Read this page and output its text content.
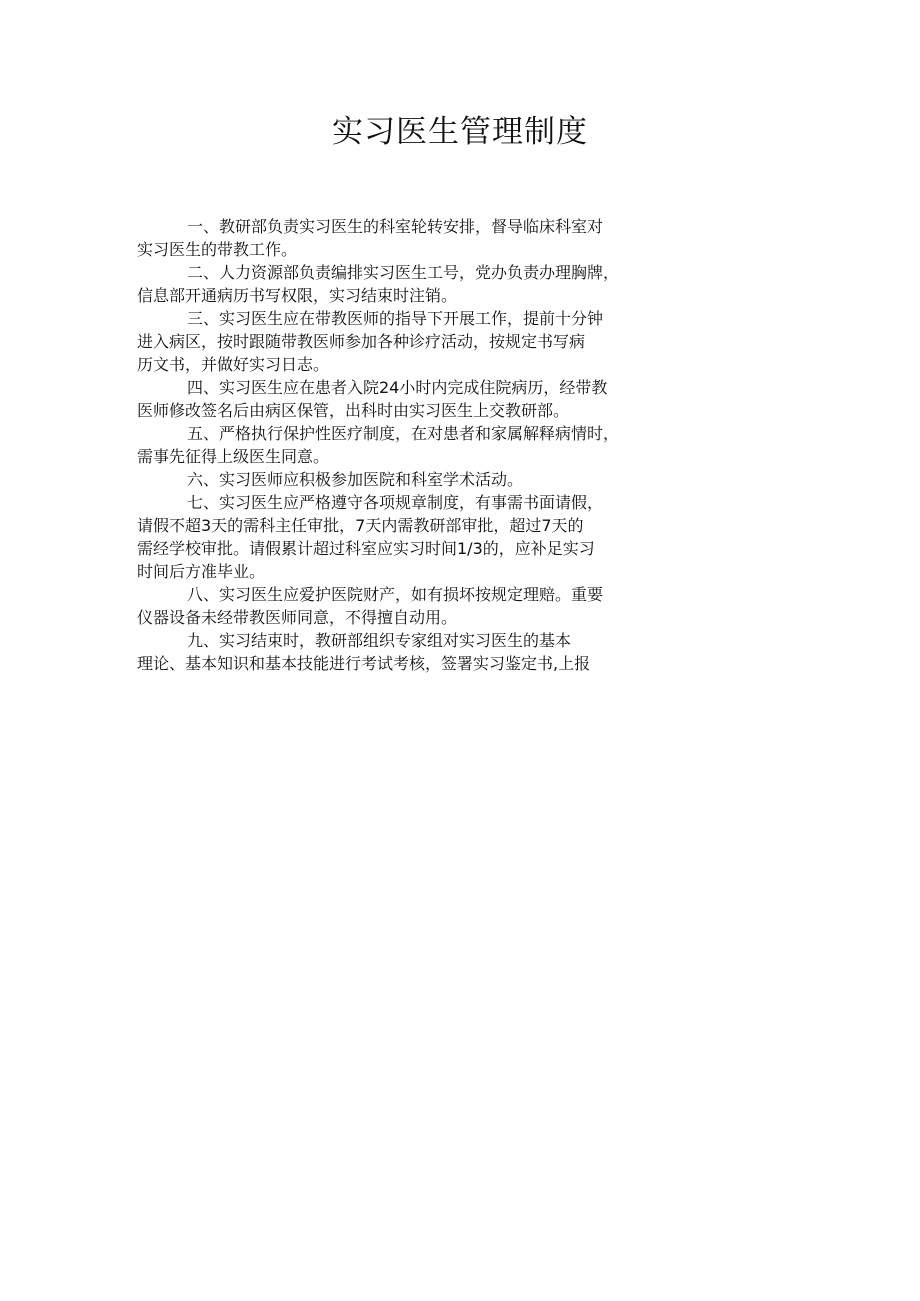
实习医生管理制度
一、教研部负责实习医生的科室轮转安排，督导临床科室对
实习医生的带教工作。
二、人力资源部负责编排实习医生工号，党办负责办理胸牌，
信息部开通病历书写权限，实习结束时注销。
三、实习医生应在带教医师的指导下开展工作，提前十分钟
进入病区，按时跟随带教医师参加各种诊疗活动，按规定书写病
历文书，并做好实习日志。
四、实习医生应在患者入院24小时内完成住院病历，经带教
医师修改签名后由病区保管，出科时由实习医生上交教研部。
五、严格执行保护性医疗制度，在对患者和家属解释病情时，
需事先征得上级医生同意。
六、实习医师应积极参加医院和科室学术活动。
七、实习医生应严格遵守各项规章制度，有事需书面请假，
请假不超3天的需科主任审批，7天内需教研部审批，超过7天的
需经学校审批。请假累计超过科室应实习时间1/3的，应补足实习
时间后方准毕业。
八、实习医生应爱护医院财产，如有损坏按规定理赔。重要
仪器设备未经带教医师同意，不得擅自动用。
九、实习结束时，教研部组织专家组对实习医生的基本
理论、基本知识和基本技能进行考试考核，签署实习鉴定书,上报
